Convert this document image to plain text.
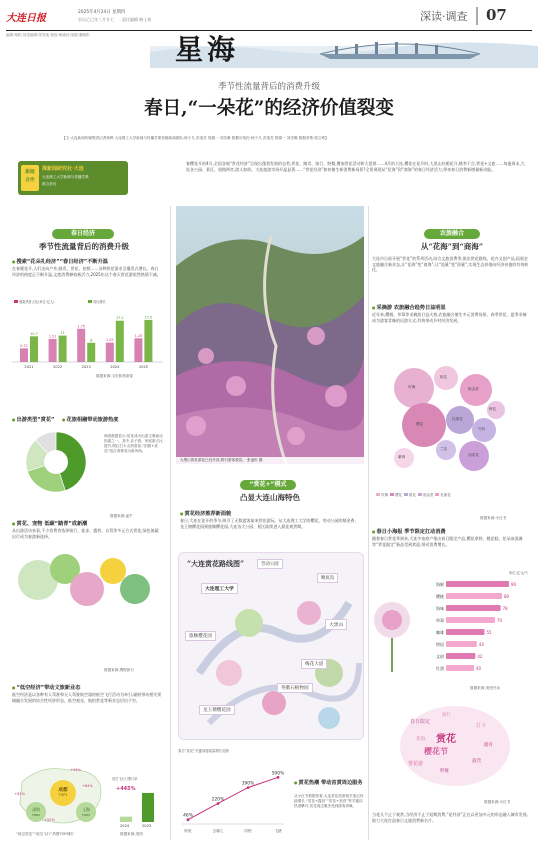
大连日报
2025年4月24日 星期四
农历乙巳年三月廿七 责任编辑 韩士春	深读·调查 07
编辑:杨阳 视觉编辑:张雪纯 校检:杨晓伟 组版:董晓彤	星海
季节性流量背后的消费升级
春日,“一朵花”的经济价值裂变
【文·大连新闻传媒集团记者杨辉 大连理工大学新闻与传播学系张娜新闻团队:杨子凡 洪逸芳 郭娟一 刘芙琳 数据可视化:杨子凡 洪逸芳 郭娟一 刘芙琳 数据采集:梁文琦】
新闻
合作
探新闻研究社·大连
大连理工大学新闻与传播学系
联合采访
春樱花开的4月,全国各地“赏花经济”呈现出蓬勃发展的态势,赏花、踏青、骑行、野餐,叠加赏花活动和大促销……4月的大连,樱花在花开时,大黑山杜鹃花开,桃李不言,赏花+文旅……每逢周末,大连各公园、景区、道路两旁,游人如织。大连旅游市场升温显著……“赏花经济”如何催生新消费新场景?全景展现从“花海”到“商海”的春日经济活力,带来春日消费新增量新动能。
春日经济
季节性流量背后的消费升级
● 搜索“花朵礼经济”“春日经济”不断升温
在春暖花开,人们走向户外,踏青、赏花、拍照……各种赏花需求呈爆发式增长。春日经济的热度正不断升温,文旅消费释放新活力,2025年这个春天赏花游依然热情不减。
搜索热度占比(单位:亿人)	同比增长
0.72
10.7
2021
1.21
11
2022
1.75
8
2023
1.02
17.2
2024
1.25
17.5
2025
数据来源:文化和旅游部
● 出游类型“赏花”	● 花旅相融带动旅游热度
调查数据显示:赏花成为出游主要驱动因素之一。其中,亲子游、家庭游占比提升,网红打卡点热度高,“拍照+赏花”组合消费成为新风尚。
数据来源:途牛
● 赏花、宠物 低碳“踏青”成新潮
从出游活动来看,不少消费者选择骑行、徒步、露营、自驾等多元方式赏花,绿色低碳出行成为春游新选择。
数据来源:携程旅行
● “低空经济”带动文旅新业态
低空经济是以各种有人驾驶和无人驾驶航空器的低空飞行活动为牵引,辐射带动相关领域融合发展的综合性经济形态。低空观光、航拍赏花等新业态层出不穷。
成都
TOP1
深圳
TOP2
上海
TOP3
+81%
+64%
+52%
+94%
低空飞行门票订单
+445%
2024	2025
“低空赏花”“低空飞行”热搜TOP城市	数据来源:美团
大黑山的杜鹃花已经开放,吸引游客观赏。 张凌杉 摄
“赏花+”模式
凸显大连山海特色
● 赏花经济推荐新面貌
春日,大连在花开的季节,吸引了无数游客前来赏花游玩。从大连理工大学的樱花、劳动公园的郁金香、龙王塘樱花园到旅顺樱花园,大连各大公园、景区陆续进入最佳观赏期。
“大连赏花路线图”	劳动公园
鲍鱼沟
大连理工大学
大黑山
旅顺樱花园
梅花大道
龙王塘樱花园
英歌石植物园
春日“赏花”关键词搜索量增长趋势
46%
阿里
220%
去哪儿
390%
同程
500%
飞猪
● 赏花热潮 带动首赏周边服务
从小红书数据来看,大连赏花旅游相关笔记持续增长,“赏花+露营”“赏花+美食”等关键词热度攀升,赏花周边服务受到游客青睐。
农旅融合
从“花海”到“商海”
大连市日前开展“赏花”的系列活动,结合文旅消费季,推出赏花路线、花卉文创产品,拓展农文旅融合新业态,让“花海”变“商海”,让“流量”变“留量”,实现生态价值向经济价值的有效转化。
● 采摘游 农旅融合趋势日益明显
近年来,樱桃、草莓等采摘游日益火热,农旅融合催生多元消费场景。春季赏花、夏季采摘成为游客青睐的出游方式,有效带动乡村经济发展。
玫瑰
樱花
桃花
郁金香
芍药
杜鹃花
油菜花
兰花
紫荆
梅花
玫瑰 樱花 桃花 郁金香 杜鹃花
数据来源:小红书
● 春日小海报 季节限定扛动消费
随着春日赏花季到来,大连多家商户推出春日限定产品,樱花拿铁、桃花糕、花朵冰淇淋等“赏花限定”新品受到欢迎,带动消费增长。
单位:亿元/个
海鲜	90
樱桃	80
海味	78
草莓	70
咖啡	55
烘焙	44
文创	42
红酒	40
数据来源:美团外卖
赏花
樱花节
春日限定
打卡
露营
赏花游
骑行
踏青
野餐
花海
数据来源:小红书
当花儿不止于观赏,当经济不止于短期消费,“花经济”正在以更加多元的形态融入城市发展,助力大连打造春日文旅消费新名片。
